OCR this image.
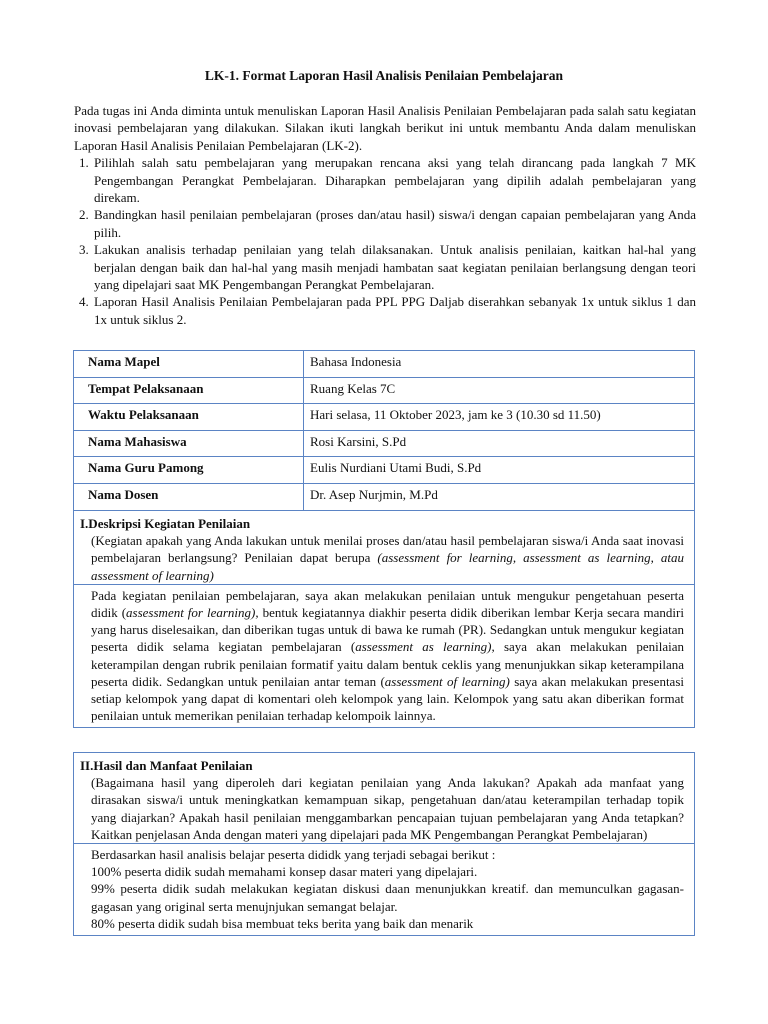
LK-1. Format Laporan Hasil Analisis Penilaian Pembelajaran

Pada tugas ini Anda diminta untuk menuliskan Laporan Hasil Analisis Penilaian Pembelajaran pada salah satu kegiatan inovasi pembelajaran yang dilakukan. Silakan ikuti langkah berikut ini untuk membantu Anda dalam menuliskan Laporan Hasil Analisis Penilaian Pembelajaran (LK-2).

1. Pilihlah salah satu pembelajaran yang merupakan rencana aksi yang telah dirancang pada langkah 7 MK Pengembangan Perangkat Pembelajaran. Diharapkan pembelajaran yang dipilih adalah pembelajaran yang direkam.
2. Bandingkan hasil penilaian pembelajaran (proses dan/atau hasil) siswa/i dengan capaian pembelajaran yang Anda pilih.
3. Lakukan analisis terhadap penilaian yang telah dilaksanakan. Untuk analisis penilaian, kaitkan hal-hal yang berjalan dengan baik dan hal-hal yang masih menjadi hambatan saat kegiatan penilaian berlangsung dengan teori yang dipelajari saat MK Pengembangan Perangkat Pembelajaran.
4. Laporan Hasil Analisis Penilaian Pembelajaran pada PPL PPG Daljab diserahkan sebanyak 1x untuk siklus 1 dan 1x untuk siklus 2.
Nama Mapel	Bahasa Indonesia
Tempat Pelaksanaan	Ruang Kelas 7C
Waktu Pelaksanaan	Hari selasa, 11 Oktober 2023, jam ke 3 (10.30 sd 11.50)
Nama Mahasiswa	Rosi Karsini, S.Pd
Nama Guru Pamong	Eulis Nurdiani Utami Budi, S.Pd
Nama Dosen	Dr. Asep Nurjmin, M.Pd
I.Deskripsi Kegiatan Penilaian
(Kegiatan apakah yang Anda lakukan untuk menilai proses dan/atau hasil pembelajaran siswa/i Anda saat inovasi pembelajaran berlangsung? Penilaian dapat berupa (assessment for learning, assessment as learning, atau assessment of learning)

Pada kegiatan penilaian pembelajaran, saya akan melakukan penilaian untuk mengukur pengetahuan peserta didik (assessment for learning), bentuk kegiatannya diakhir peserta didik diberikan lembar Kerja secara mandiri yang harus diselesaikan, dan diberikan tugas untuk di bawa ke rumah (PR). Sedangkan untuk mengukur kegiatan peserta didik selama kegiatan pembelajaran (assessment as learning), saya akan melakukan penilaian keterampilan dengan rubrik penilaian formatif yaitu dalam bentuk ceklis yang menunjukkan sikap keterampilana peserta didik. Sedangkan untuk penilaian antar teman (assessment of learning) saya akan melakukan presentasi setiap kelompok yang dapat di komentari oleh kelompok yang lain. Kelompok yang satu akan diberikan format penilaian untuk memerikan penilaian terhadap kelompoik lainnya.

II.Hasil dan Manfaat Penilaian
(Bagaimana hasil yang diperoleh dari kegiatan penilaian yang Anda lakukan? Apakah ada manfaat yang dirasakan siswa/i untuk meningkatkan kemampuan sikap, pengetahuan dan/atau keterampilan terhadap topik yang diajarkan? Apakah hasil penilaian menggambarkan pencapaian tujuan pembelajaran yang Anda tetapkan? Kaitkan penjelasan Anda dengan materi yang dipelajari pada MK Pengembangan Perangkat Pembelajaran)

Berdasarkan hasil analisis belajar peserta dididk yang terjadi sebagai berikut :

100% peserta didik sudah memahami konsep dasar materi yang dipelajari.

99% peserta didik sudah melakukan kegiatan diskusi daan menunjukkan kreatif. dan memunculkan gagasan-gagasan yang original serta menujnjukan semangat belajar.

80% peserta didik sudah bisa membuat teks berita yang baik dan menarik
